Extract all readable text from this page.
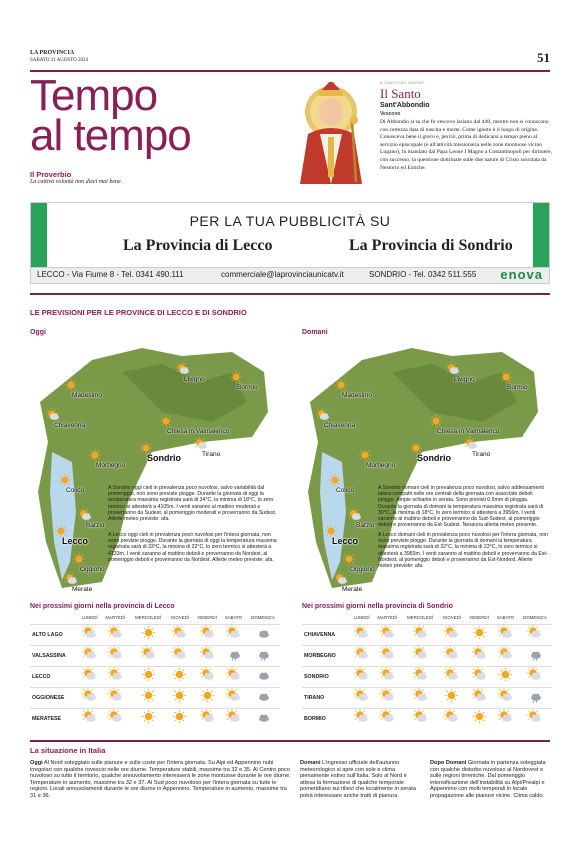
LA PROVINCIA
SABATO 31 AGOSTO 2024	51
Tempo
al tempo
Il Proverbio
La cattiva volontà non dieci mai bene.
IL SANTO DEL GIORNO
Il Santo
Sant'Abbondio
Vescovo
Di Abbondio si sa che fu vescovo lariano dal 440, mentre non si conoscono con certezza data di nascita e morte. Come ignoto è il luogo di origine. Conosceva bene il greco e, perciò, prima di dedicarsi a tempo pieno al servizio episcopale (e all'attività missionaria nelle zone montuose vicino Lugano), fu mandato dal Papa Leone I Magno a Costantinopoli per dirimere, con successo, la questione dottrinale sulle due nature di Cristo suscitata da Nestorio ed Eutiche.
PER LA TUA PUBBLICITÀ SU
La Provincia di Lecco	La Provincia di Sondrio
LECCO - Via Fiume 8 - Tel. 0341 490.111	commerciale@laprovinciaunicatv.it	SONDRIO - Tel. 0342 511.555 enova
LE PREVISIONI PER LE PROVINCE DI LECCO E DI SONDRIO
Oggi	Domani
Livigno
Bormio
Madesimo
Chiavenna
Chiesa in Valmalenco
Sondrio	Tirano
Morbegno
Colico
Barzio
Lecco
Oggiono
Merate
Livigno
Bormio
Madesimo
Chiavenna
Chiesa in Valmalenco
Sondrio	Tirano
Morbegno
Colico
Barzio
Lecco
Oggiono
Merate
A Sondrio oggi cieli in prevalenza poco nuvolosi, salvo variabilità dal pomeriggio, non sono previste piogge. Durante la giornata di oggi la temperatura massima registrata sarà di 34°C, la minima di 18°C, lo zero termico si attesterà a 4105m. I venti saranno al mattino moderati e proverranno da Sudest, al pomeriggio moderati e proverranno da Sudest. Allerte meteo previste: afa.
A Lecco oggi cieli in prevalenza poco nuvolosi per l'intera giornata, non sono previste piogge. Durante la giornata di oggi la temperatura massima registrata sarà di 33°C, la minima di 22°C, lo zero termico si attesterà a 4133m. I venti saranno al mattino deboli e proverranno da Nordest, al pomeriggio deboli e proverranno da Nordest. Allerte meteo previste: afa.
A Sondrio domani cieli in prevalenza poco nuvolosi, salvo addensamenti talora compatti nelle ore centrali della giornata con associate deboli piogge. Ampie schiarite in serata. Sono previsti 0.5mm di pioggia. Durante la giornata di domani la temperatura massima registrata sarà di 30°C, la minima di 18°C, lo zero termico si attesterà a 3956m. I venti saranno al mattino deboli e proverranno da Sud-Sudest, al pomeriggio deboli e proverranno da Est-Sudest. Nessuna allerta meteo presente.
A Lecco domani cieli in prevalenza poco nuvolosi per l'intera giornata, non sono previste piogge. Durante la giornata di domani la temperatura massima registrata sarà di 32°C, la minima di 23°C, lo zero termico si attesterà a 3983m. I venti saranno al mattino deboli e proverranno da Est-Nordest, al pomeriggio deboli e proverranno da Est-Nordest. Allerte meteo previste: afa.
Nei prossimi giorni nella provincia di Lecco
	LUNEDÌ	MARTEDÌ	MERCOLEDÌ	GIOVEDÌ	VENERDÌ	SABATO	DOMENICA
ALTO LAGO							
VALSASSINA							
LECCO							
OGGIONESE							
MERATESE							
Nei prossimi giorni nella provincia di Sondrio
	LUNEDÌ	MARTEDÌ	MERCOLEDÌ	GIOVEDÌ	VENERDÌ	SABATO	DOMENICA
CHIAVENNA							
MORBEGNO							
SONDRIO							
TIRANO							
BORMIO							
La situazione in Italia
Oggi Al Nord soleggiato sulle pianure e sulle coste per l'intera giornata. Su Alpi ed Appennino nubi irregolari con qualche rovescio nelle ore diurne. Temperature stabili, massime tra 32 e 35. Al Centro poco nuvoloso su tutto il territorio, qualche annuvolamento interesserà le zone montuose durante le ore diurne. Temperature in aumento, massime tra 32 e 37. Al Sud poco nuvoloso per l'intera giornata su tutte le regioni. Locali annuvolamenti durante le ore diurne in Appennino. Temperature in aumento, massime tra 31 e 36.
Domani L'ingresso ufficiale dell'autunno meteorologico si apre con sole e clima pienamente estivo sull'Italia. Solo al Nord è attesa la formazione di qualche temporale pomeridiano sui rilievi che localmente in serata potrà interessare anche tratti di pianura.
Dopo Domani Giornata in partenza soleggiata con qualche disturbo nuvoloso al Nordovest e sulle regioni tirreniche. Dal pomeriggio intensificazione dell'instabilità su Alpi/Prealpi e Appennino con molti temporali in locale propagazione alle pianure vicine. Clima caldo.
